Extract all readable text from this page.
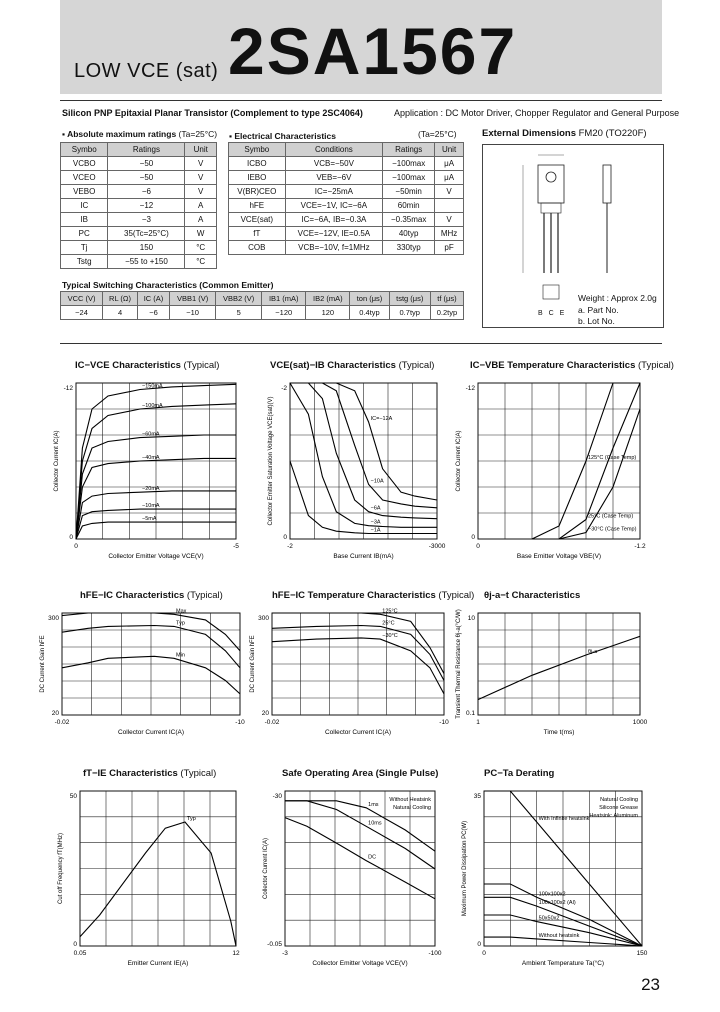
LOW VCE (sat) 2SA1567
Silicon PNP Epitaxial Planar Transistor (Complement to type 2SC4064)	Application : DC Motor Driver, Chopper Regulator and General Purpose
▪ Absolute maximum ratings (Ta=25°C)
Symbo	Ratings	Unit
VCBO	−50	V
VCEO	−50	V
VEBO	−6	V
IC	−12	A
IB	−3	A
PC	35(Tc=25°C)	W
Tj	150	°C
Tstg	−55 to +150	°C
▪ Electrical Characteristics	(Ta=25°C)
Symbo	Conditions	Ratings	Unit
ICBO	VCB=−50V	−100max	μA
IEBO	VEB=−6V	−100max	μA
V(BR)CEO	IC=−25mA	−50min	V
hFE	VCE=−1V, IC=−6A	60min	
VCE(sat)	IC=−6A, IB=−0.3A	−0.35max	V
fT	VCE=−12V, IE=0.5A	40typ	MHz
COB	VCB=−10V, f=1MHz	330typ	pF
Typical Switching Characteristics (Common Emitter)
VCC (V)	RL (Ω)	IC (A)	VBB1 (V)	VBB2 (V)	IB1 (mA)	IB2 (mA)	ton (μs)	tstg (μs)	tf (μs)
−24	4	−6	−10	5	−120	120	0.4typ	0.7typ	0.2typ
External Dimensions FM20 (TO220F)
Weight : Approx 2.0g
a. Part No.
b. Lot No.
B C E
IC−VCE Characteristics (Typical)
0	-5
0
-12
Collector Emitter Voltage VCE(V)
Collector Current IC(A)
−150mA
−100mA
−60mA
−40mA
−20mA
−10mA
−5mA
VCE(sat)−IB Characteristics (Typical)
-2	-3000
0
-2
Base Current IB(mA)
Collector Emitter Saturation Voltage VCE(sat)(V)	IC=−12A
−10A
−6A
−3A
−1A
IC−VBE Temperature Characteristics (Typical)
0	-1.2
0
-12
Base Emitter Voltage VBE(V)
Collector Current IC(A)	125°C (Case Temp)
25°C (Case Temp)
−30°C (Case Temp)
hFE−IC Characteristics (Typical)
-0.02	-10
20
300
Collector Current IC(A)
DC Current Gain hFE
Max
Typ
Min
hFE−IC Temperature Characteristics (Typical)
-0.02	-10
20
300
Collector Current IC(A)
DC Current Gain hFE
125°C
25°C
−30°C
θj-a−t Characteristics
1	1000
0.1
10
Time t(ms)
Transient Thermal Resistance θj-a(°C/W)	θj-a
fT−IE Characteristics (Typical)
0.05	12
0
50
Emitter Current IE(A)
Cut off Frequency fT(MHz)
Typ
Safe Operating Area (Single Pulse)
-3	-100
-0.05
-30
Collector Emitter Voltage VCE(V)
Collector Current IC(A)
1ms
10ms
DC
Without Heatsink
Natural Cooling
PC−Ta Derating
0	150
0
35
Ambient Temperature Ta(°C)
Maximum Power Dissipation PC(W)
With Infinite heatsink
100x100x2
100x100x2 (Al)
50x50x2
Without heatsink
Natural Cooling
Silicone Grease
Heatsink: Aluminum
23
